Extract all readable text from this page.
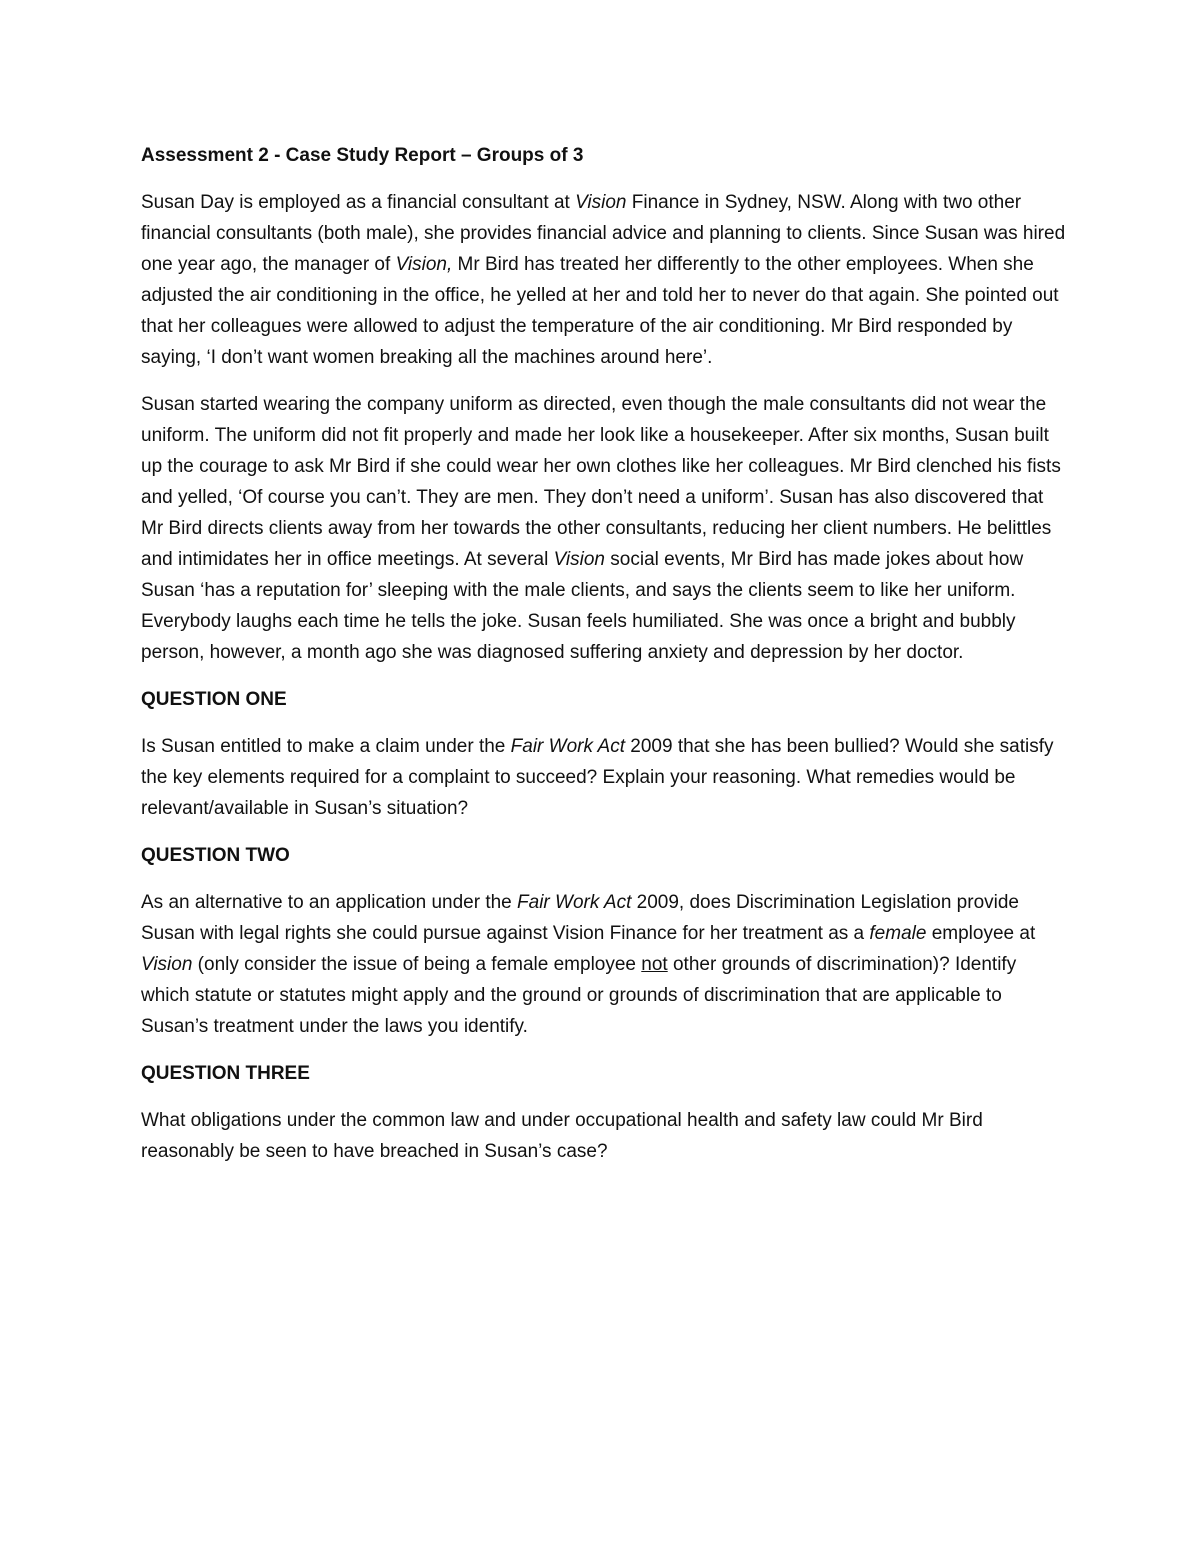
Assessment 2 - Case Study Report – Groups of 3

Susan Day is employed as a financial consultant at Vision Finance in Sydney, NSW. Along with two other financial consultants (both male), she provides financial advice and planning to clients. Since Susan was hired one year ago, the manager of Vision, Mr Bird has treated her differently to the other employees. When she adjusted the air conditioning in the office, he yelled at her and told her to never do that again. She pointed out that her colleagues were allowed to adjust the temperature of the air conditioning. Mr Bird responded by saying, ‘I don’t want women breaking all the machines around here’.

Susan started wearing the company uniform as directed, even though the male consultants did not wear the uniform. The uniform did not fit properly and made her look like a housekeeper. After six months, Susan built up the courage to ask Mr Bird if she could wear her own clothes like her colleagues. Mr Bird clenched his fists and yelled, ‘Of course you can’t. They are men. They don’t need a uniform’. Susan has also discovered that Mr Bird directs clients away from her towards the other consultants, reducing her client numbers. He belittles and intimidates her in office meetings. At several Vision social events, Mr Bird has made jokes about how Susan ‘has a reputation for’ sleeping with the male clients, and says the clients seem to like her uniform. Everybody laughs each time he tells the joke. Susan feels humiliated. She was once a bright and bubbly person, however, a month ago she was diagnosed suffering anxiety and depression by her doctor.

QUESTION ONE

Is Susan entitled to make a claim under the Fair Work Act 2009 that she has been bullied? Would she satisfy the key elements required for a complaint to succeed? Explain your reasoning. What remedies would be relevant/available in Susan’s situation?

QUESTION TWO

As an alternative to an application under the Fair Work Act 2009, does Discrimination Legislation provide Susan with legal rights she could pursue against Vision Finance for her treatment as a female employee at Vision (only consider the issue of being a female employee not other grounds of discrimination)? Identify which statute or statutes might apply and the ground or grounds of discrimination that are applicable to Susan’s treatment under the laws you identify.

QUESTION THREE

What obligations under the common law and under occupational health and safety law could Mr Bird reasonably be seen to have breached in Susan’s case?
